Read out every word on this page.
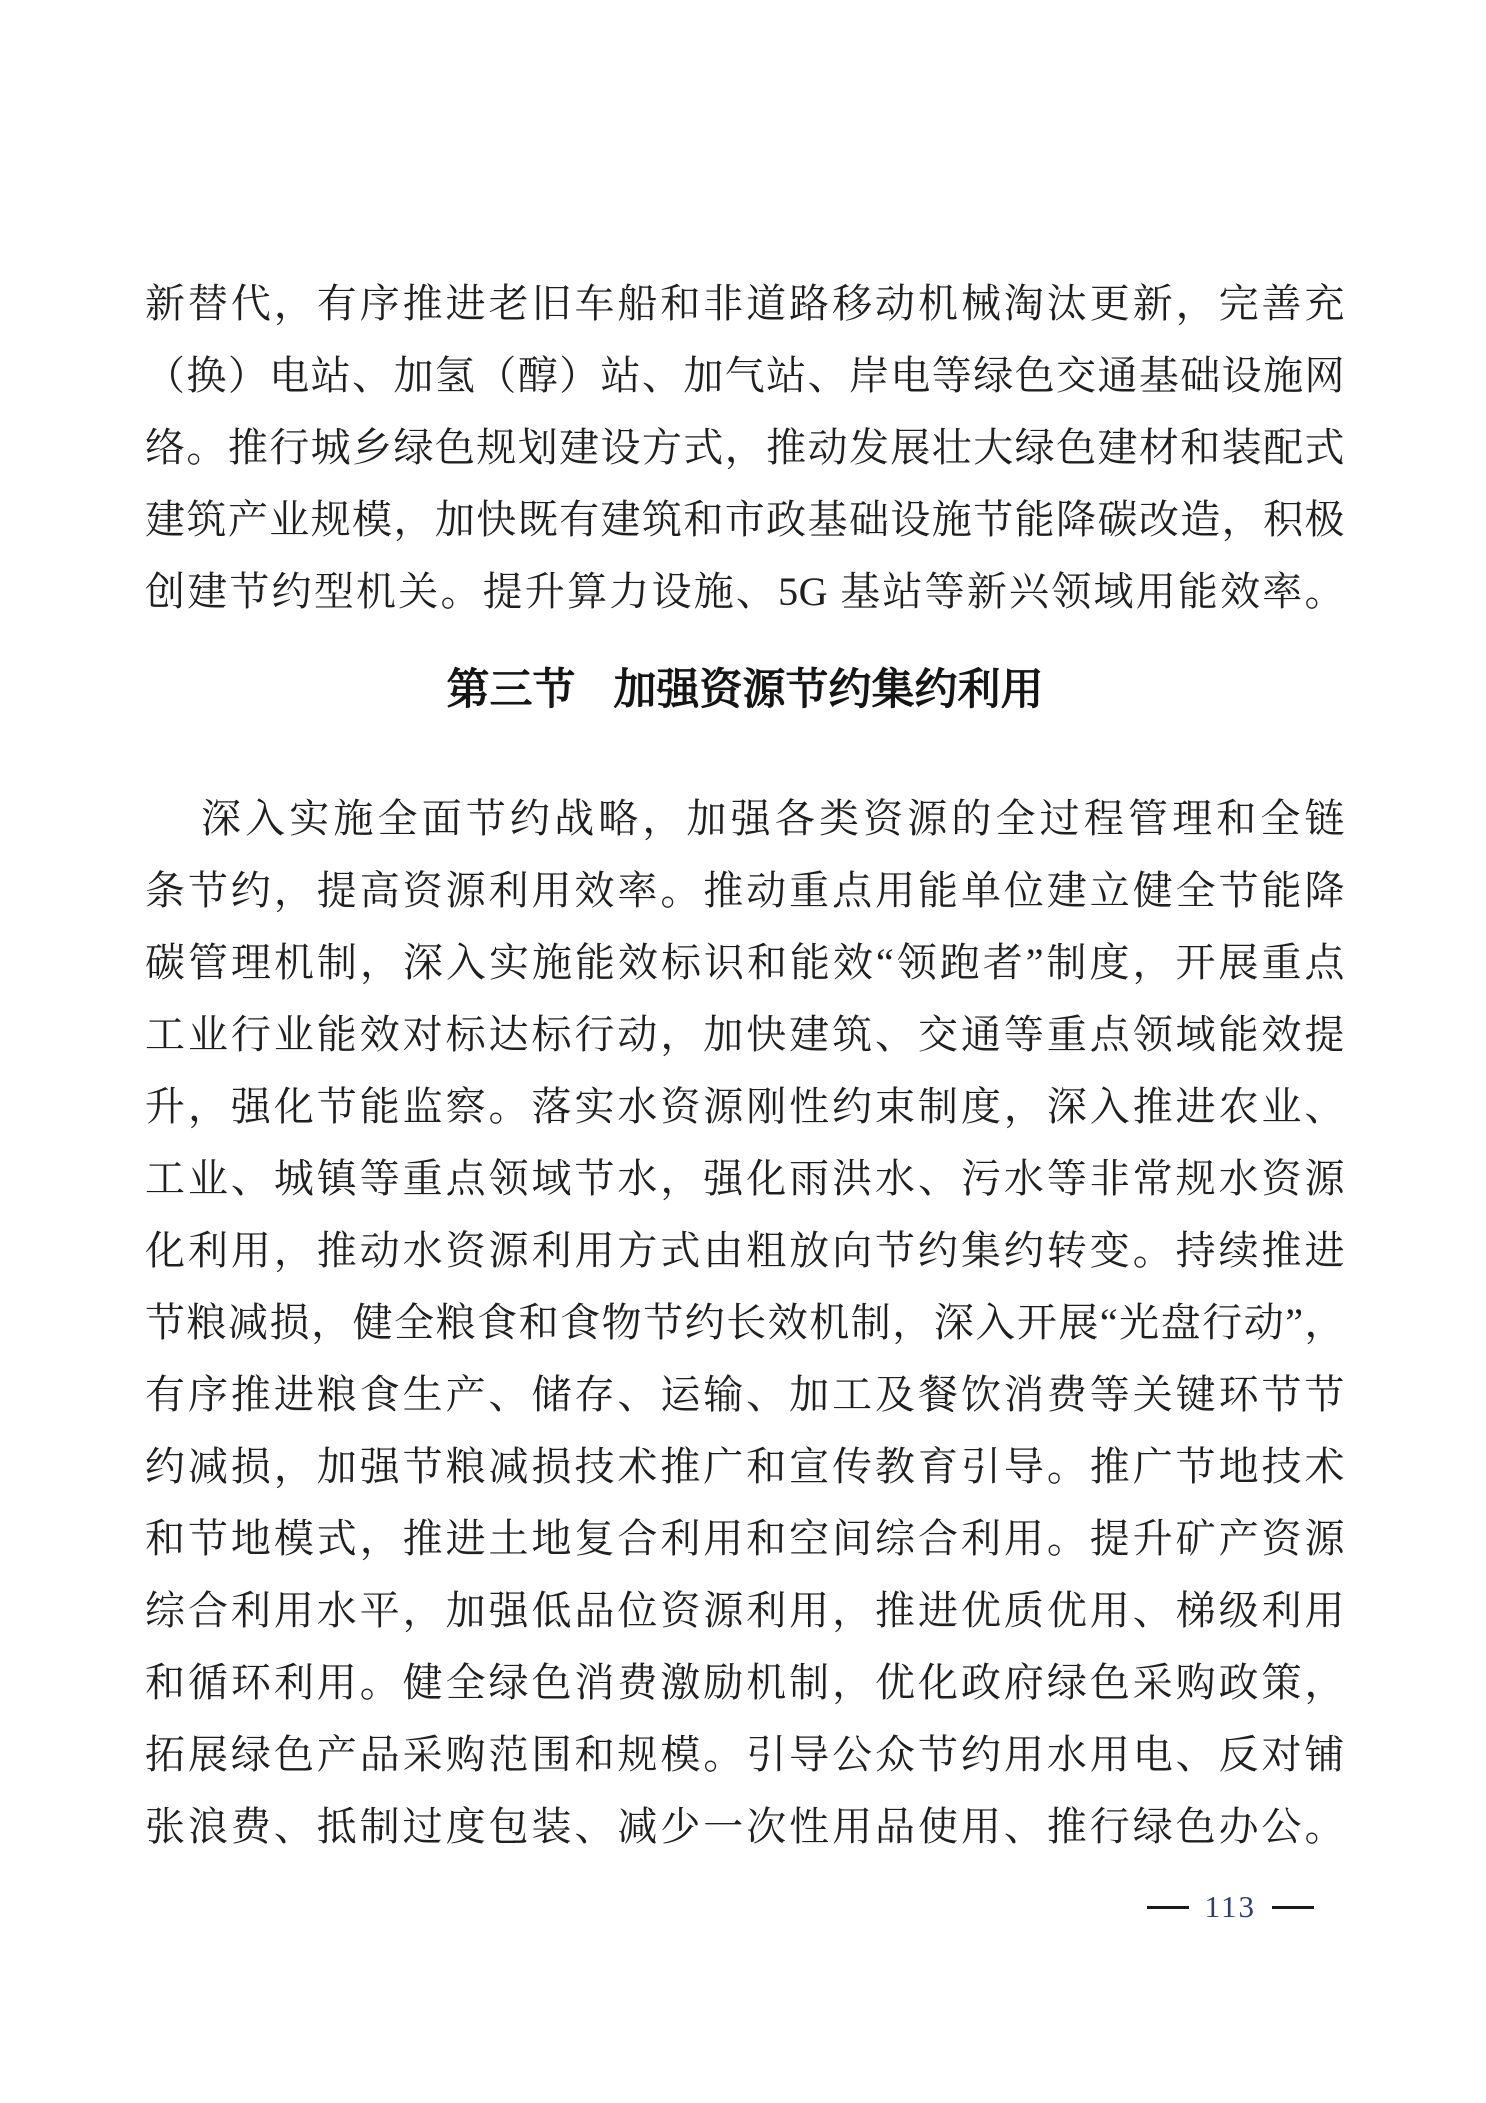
新替代，有序推进老旧车船和非道路移动机械淘汰更新，完善充
（换）电站、加氢（醇）站、加气站、岸电等绿色交通基础设施网
络。推行城乡绿色规划建设方式，推动发展壮大绿色建材和装配式
建筑产业规模，加快既有建筑和市政基础设施节能降碳改造，积极
创建节约型机关。提升算力设施、5G 基站等新兴领域用能效率。
第三节 加强资源节约集约利用
深入实施全面节约战略，加强各类资源的全过程管理和全链
条节约，提高资源利用效率。推动重点用能单位建立健全节能降
碳管理机制，深入实施能效标识和能效“领跑者”制度，开展重点
工业行业能效对标达标行动，加快建筑、交通等重点领域能效提
升，强化节能监察。落实水资源刚性约束制度，深入推进农业、
工业、城镇等重点领域节水，强化雨洪水、污水等非常规水资源
化利用，推动水资源利用方式由粗放向节约集约转变。持续推进
节粮减损，健全粮食和食物节约长效机制，深入开展“光盘行动”，
有序推进粮食生产、储存、运输、加工及餐饮消费等关键环节节
约减损，加强节粮减损技术推广和宣传教育引导。推广节地技术
和节地模式，推进土地复合利用和空间综合利用。提升矿产资源
综合利用水平，加强低品位资源利用，推进优质优用、梯级利用
和循环利用。健全绿色消费激励机制，优化政府绿色采购政策，
拓展绿色产品采购范围和规模。引导公众节约用水用电、反对铺
张浪费、抵制过度包装、减少一次性用品使用、推行绿色办公。
113
